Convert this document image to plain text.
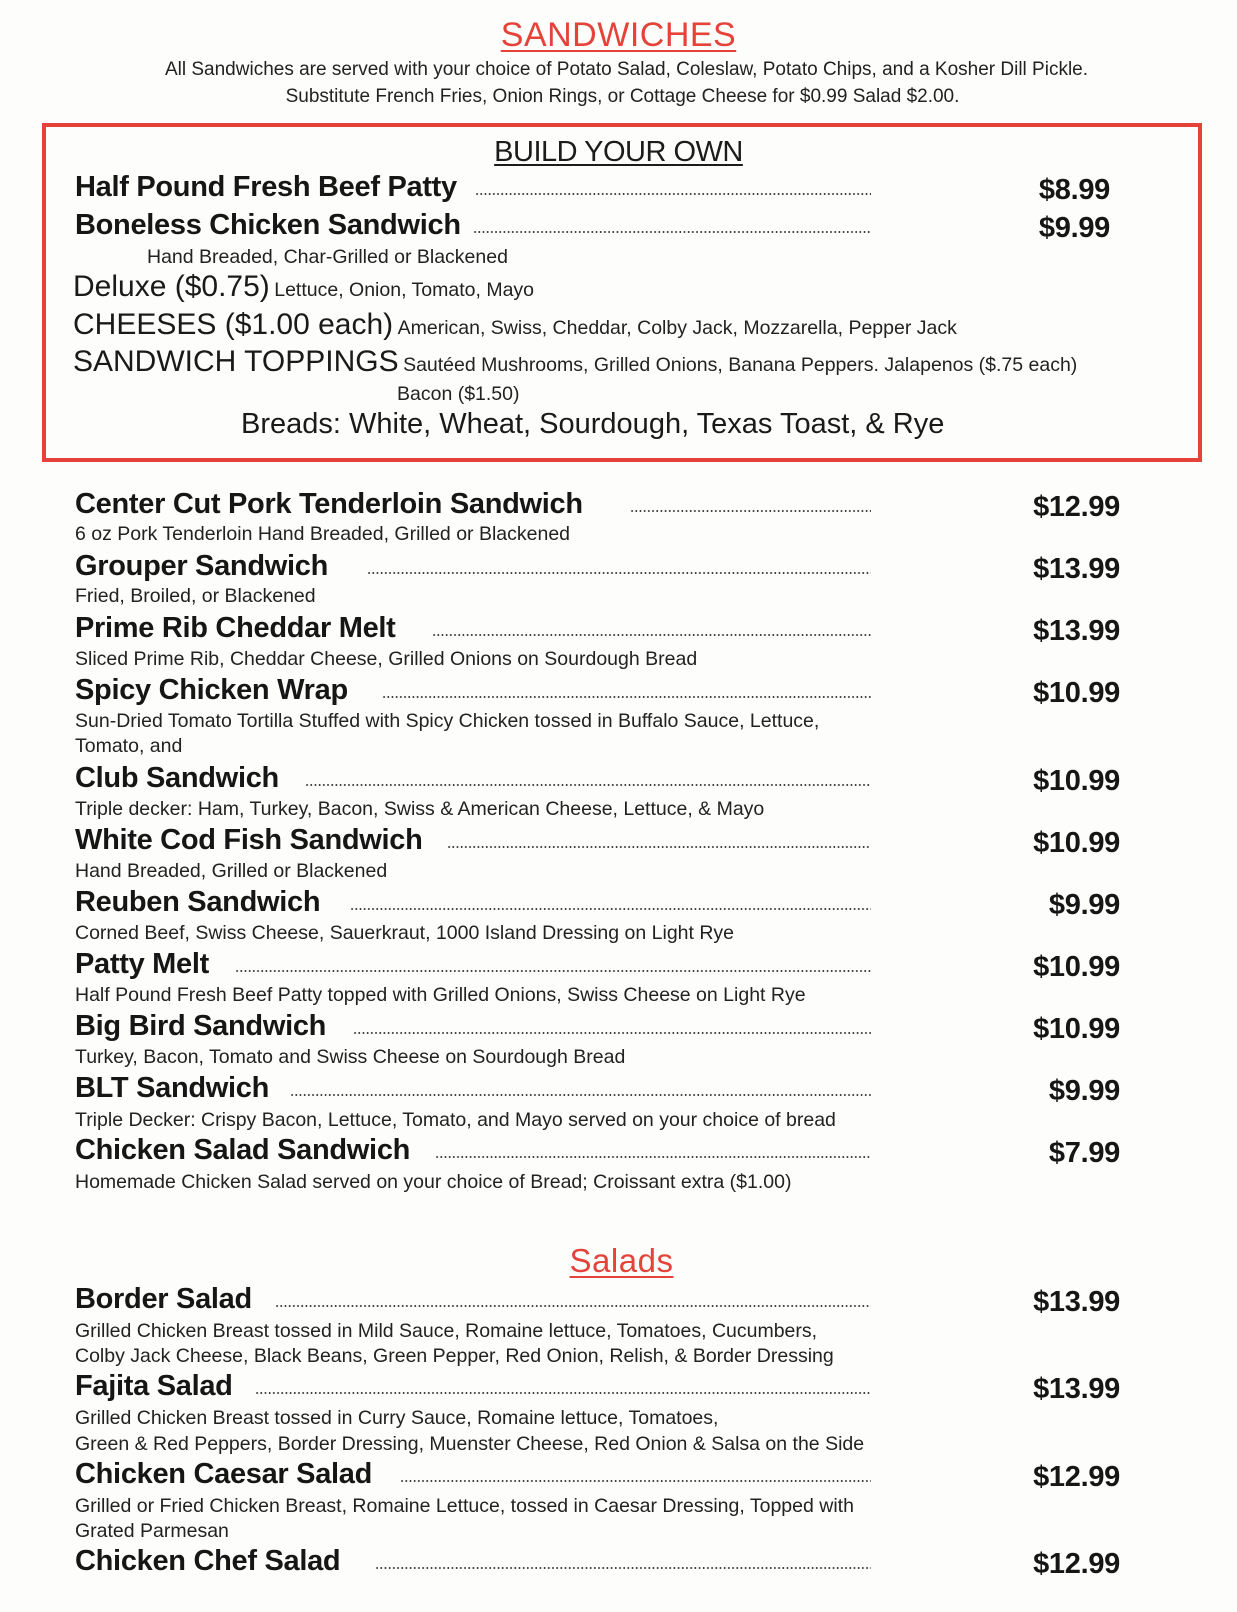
SANDWICHES
All Sandwiches are served with your choice of Potato Salad, Coleslaw, Potato Chips, and a Kosher Dill Pickle.
Substitute French Fries, Onion Rings, or Cottage Cheese for $0.99 Salad $2.00.
BUILD YOUR OWN
Half Pound Fresh Beef Patty	$8.99
Boneless Chicken Sandwich	$9.99
Hand Breaded, Char-Grilled or Blackened
Deluxe ($0.75) Lettuce, Onion, Tomato, Mayo
CHEESES ($1.00 each) American, Swiss, Cheddar, Colby Jack, Mozzarella, Pepper Jack
SANDWICH TOPPINGS Sautéed Mushrooms, Grilled Onions, Banana Peppers. Jalapenos ($.75 each)
Bacon ($1.50)
Breads: White, Wheat, Sourdough, Texas Toast, & Rye
Center Cut Pork Tenderloin Sandwich	$12.99
6 oz Pork Tenderloin Hand Breaded, Grilled or Blackened
Grouper Sandwich	$13.99
Fried, Broiled, or Blackened
Prime Rib Cheddar Melt	$13.99
Sliced Prime Rib, Cheddar Cheese, Grilled Onions on Sourdough Bread
Spicy Chicken Wrap	$10.99
Sun-Dried Tomato Tortilla Stuffed with Spicy Chicken tossed in Buffalo Sauce, Lettuce,
Tomato, and
Club Sandwich	$10.99
Triple decker: Ham, Turkey, Bacon, Swiss & American Cheese, Lettuce, & Mayo
White Cod Fish Sandwich	$10.99
Hand Breaded, Grilled or Blackened
Reuben Sandwich	$9.99
Corned Beef, Swiss Cheese, Sauerkraut, 1000 Island Dressing on Light Rye
Patty Melt	$10.99
Half Pound Fresh Beef Patty topped with Grilled Onions, Swiss Cheese on Light Rye
Big Bird Sandwich	$10.99
Turkey, Bacon, Tomato and Swiss Cheese on Sourdough Bread
BLT Sandwich	$9.99
Triple Decker: Crispy Bacon, Lettuce, Tomato, and Mayo served on your choice of bread
Chicken Salad Sandwich	$7.99
Homemade Chicken Salad served on your choice of Bread; Croissant extra ($1.00)
Salads
Border Salad	$13.99
Grilled Chicken Breast tossed in Mild Sauce, Romaine lettuce, Tomatoes, Cucumbers,
Colby Jack Cheese, Black Beans, Green Pepper, Red Onion, Relish, & Border Dressing
Fajita Salad	$13.99
Grilled Chicken Breast tossed in Curry Sauce, Romaine lettuce, Tomatoes,
Green & Red Peppers, Border Dressing, Muenster Cheese, Red Onion & Salsa on the Side
Chicken Caesar Salad	$12.99
Grilled or Fried Chicken Breast, Romaine Lettuce, tossed in Caesar Dressing, Topped with
Grated Parmesan
Chicken Chef Salad	$12.99
